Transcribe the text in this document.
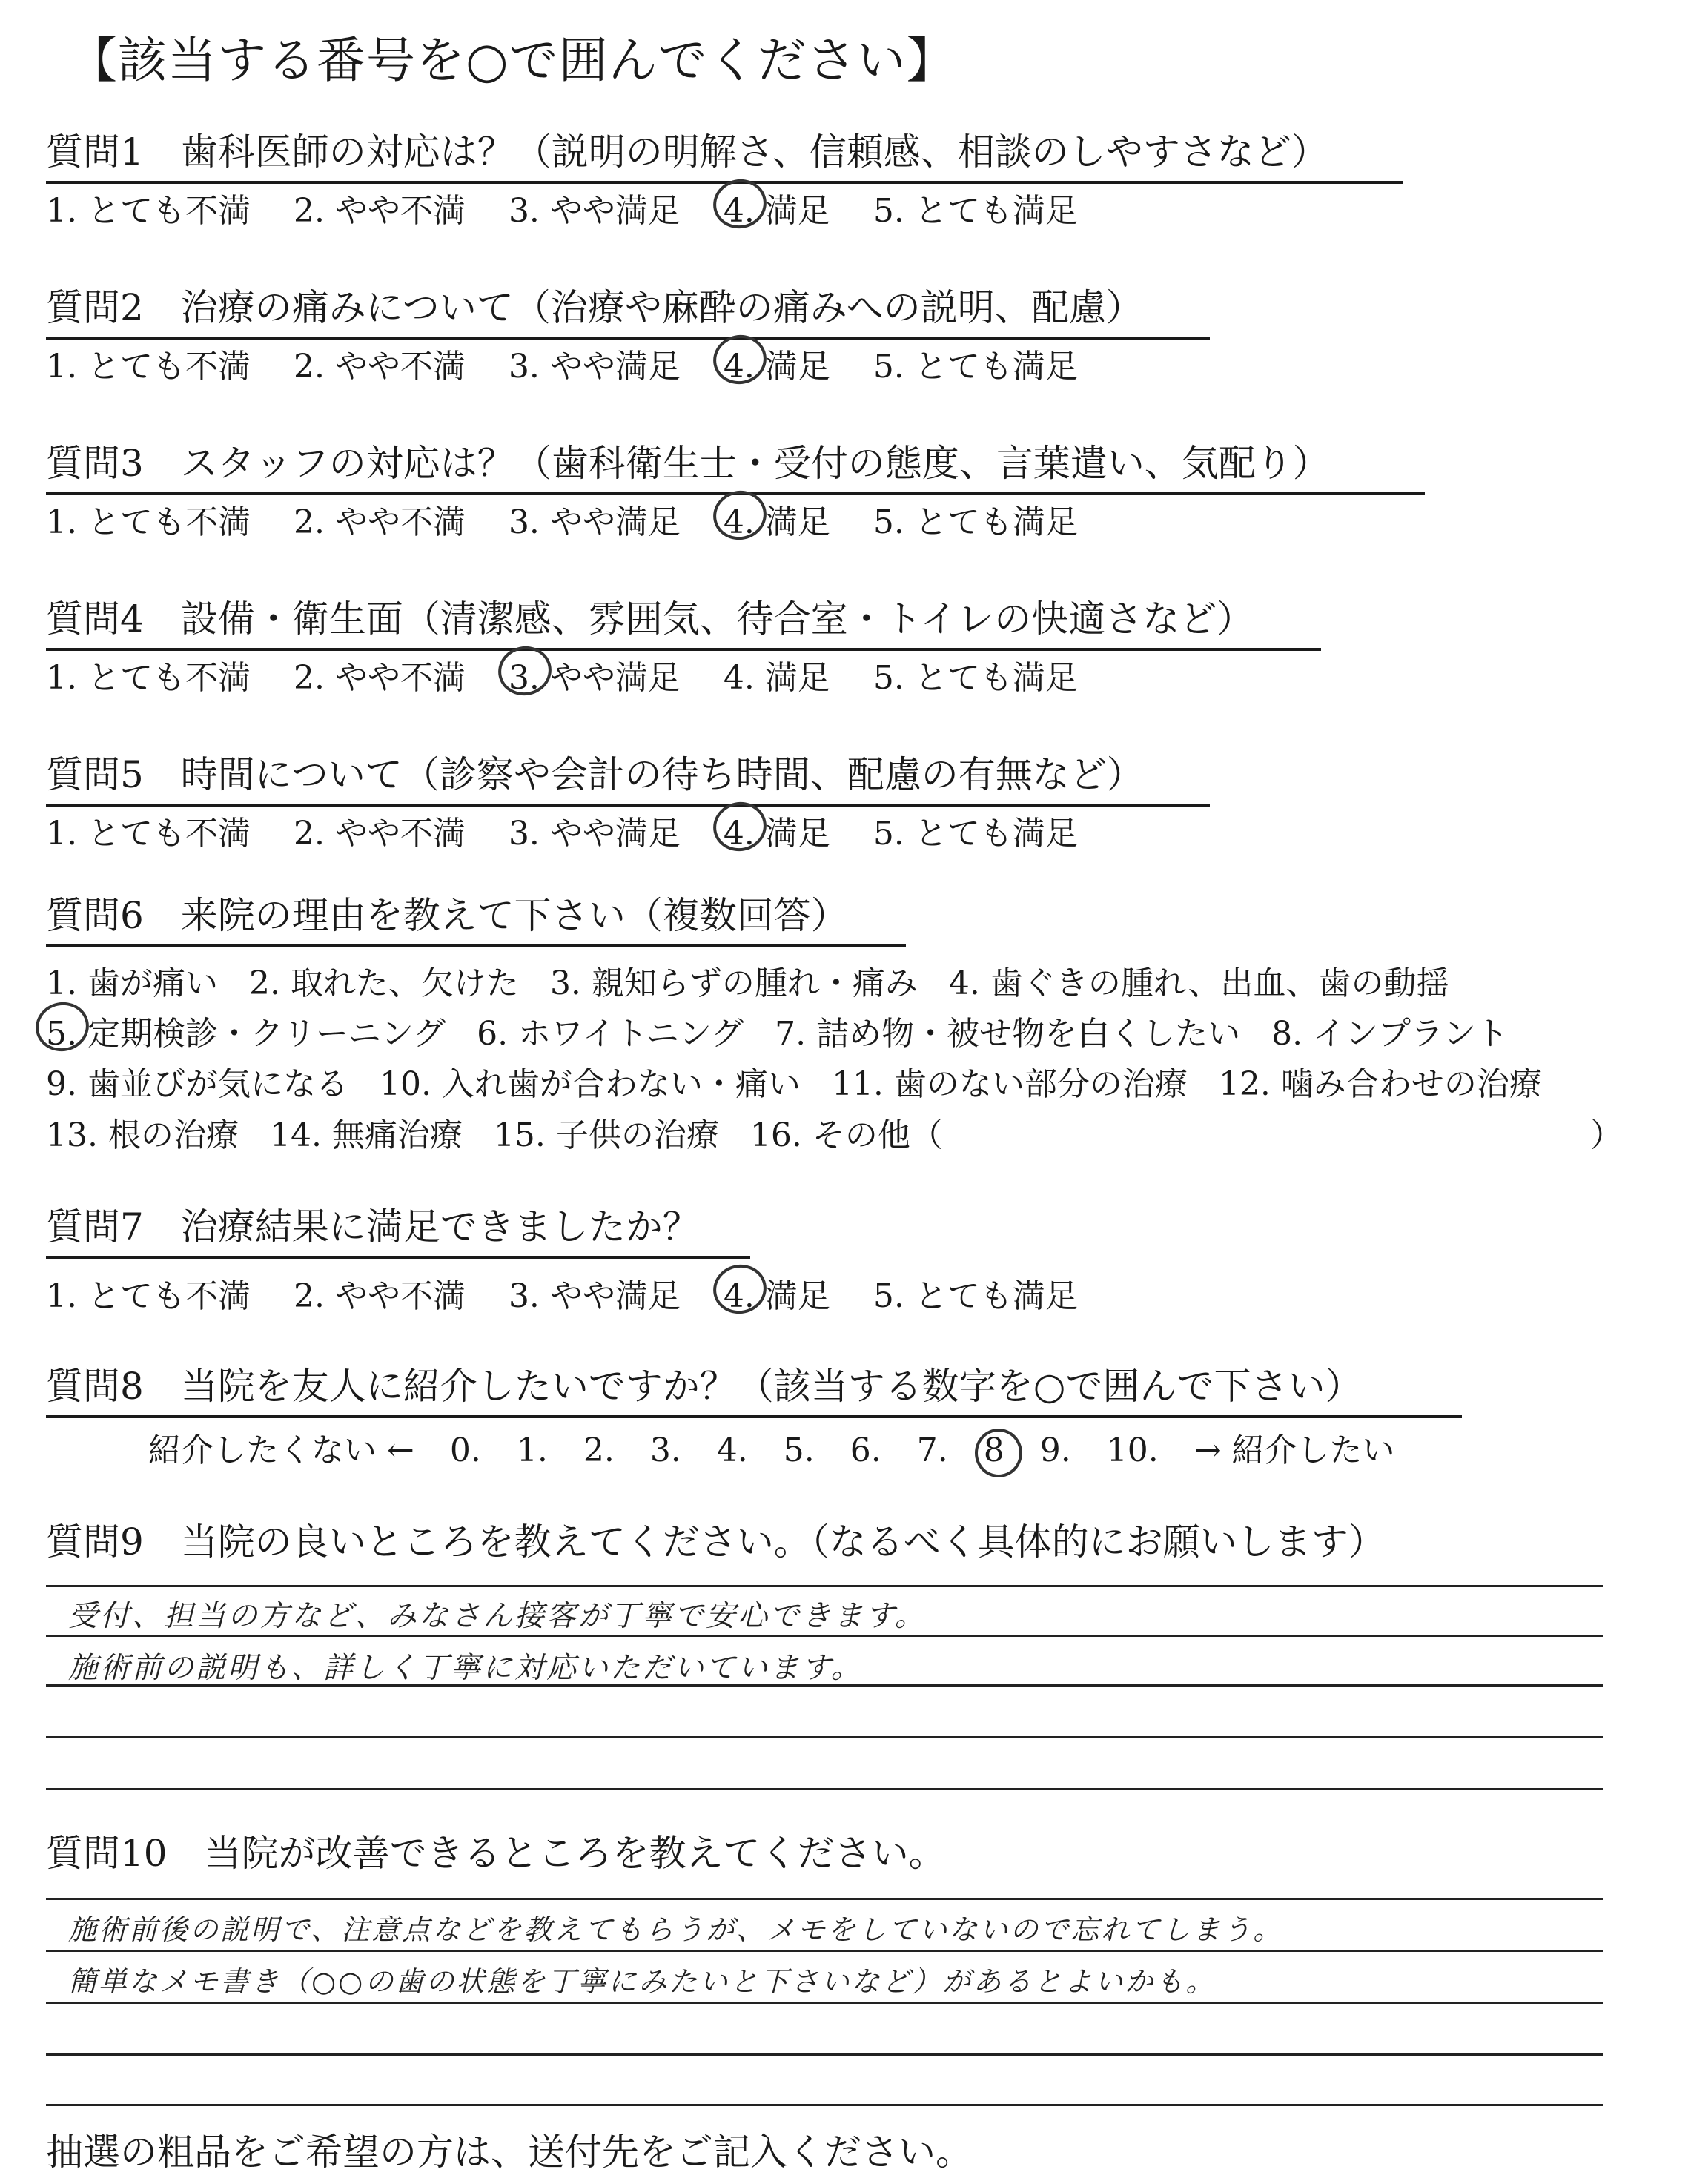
【該当する番号を○で囲んでください】
質問1　歯科医師の対応は？（説明の明解さ、信頼感、相談のしやすさなど）
1. とても不満 2. やや不満 3. やや満足 4. 満足 5. とても満足
質問2　治療の痛みについて（治療や麻酔の痛みへの説明、配慮）
1. とても不満 2. やや不満 3. やや満足 4. 満足 5. とても満足
質問3　スタッフの対応は？（歯科衛生士・受付の態度、言葉遣い、気配り）
1. とても不満 2. やや不満 3. やや満足 4. 満足 5. とても満足
質問4　設備・衛生面（清潔感、雰囲気、待合室・トイレの快適さなど）
1. とても不満 2. やや不満 3. やや満足 4. 満足 5. とても満足
質問5　時間について（診察や会計の待ち時間、配慮の有無など）
1. とても不満 2. やや不満 3. やや満足 4. 満足 5. とても満足
質問6　来院の理由を教えて下さい（複数回答）
1. 歯が痛い 2. 取れた、欠けた 3. 親知らずの腫れ・痛み 4. 歯ぐきの腫れ、出血、歯の動揺
5. 定期検診・クリーニング 6. ホワイトニング 7. 詰め物・被せ物を白くしたい 8. インプラント
9. 歯並びが気になる 10. 入れ歯が合わない・痛い 11. 歯のない部分の治療 12. 噛み合わせの治療
13. 根の治療 14. 無痛治療 15. 子供の治療 16. その他（	）
質問7　治療結果に満足できましたか？
1. とても不満 2. やや不満 3. やや満足 4. 満足 5. とても満足
質問8　当院を友人に紹介したいですか？（該当する数字を○で囲んで下さい）
紹介したくない ← 0. 1. 2. 3. 4. 5. 6. 7. 8 9. 10. → 紹介したい
質問9　当院の良いところを教えてください。（なるべく具体的にお願いします）
受付、担当の方など、みなさん接客が丁寧で安心できます。
施術前の説明も、詳しく丁寧に対応いただいています。
質問10　当院が改善できるところを教えてください。
施術前後の説明で、注意点などを教えてもらうが、メモをしていないので忘れてしまう。
簡単なメモ書き（○○の歯の状態を丁寧にみたいと下さいなど）があるとよいかも。
抽選の粗品をご希望の方は、送付先をご記入ください。
